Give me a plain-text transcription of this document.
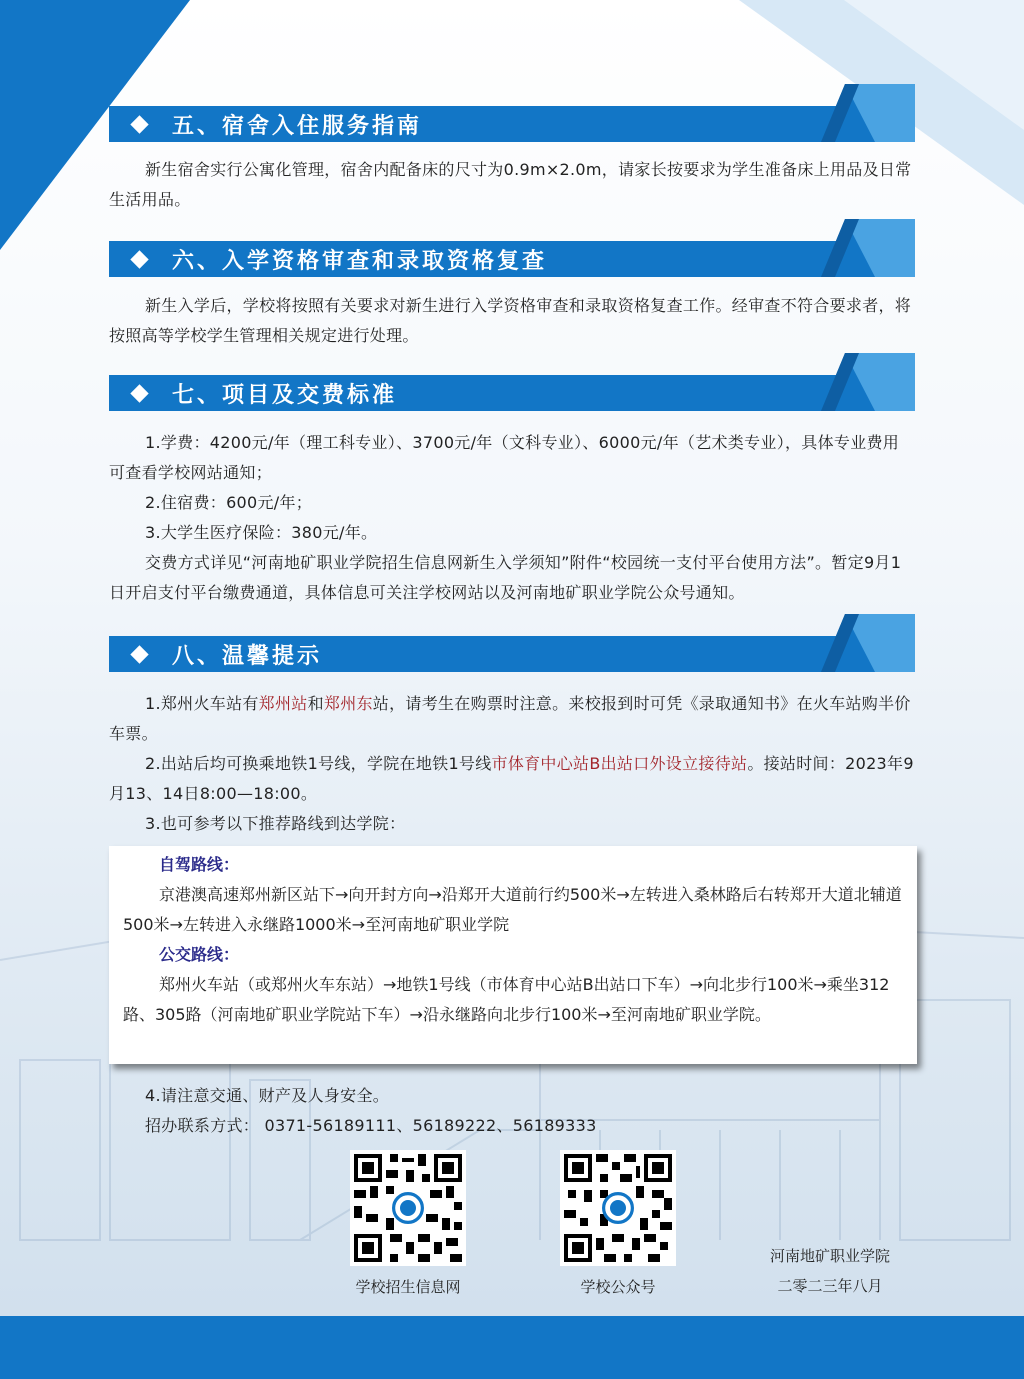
五、宿舍入住服务指南

新生宿舍实行公寓化管理，宿舍内配备床的尺寸为0.9m×2.0m，请家长按要求为学生准备床上用品及日常生活用品。

六、入学资格审查和录取资格复查

新生入学后，学校将按照有关要求对新生进行入学资格审查和录取资格复查工作。经审查不符合要求者，将按照高等学校学生管理相关规定进行处理。

七、项目及交费标准

1.学费：4200元/年（理工科专业）、3700元/年（文科专业）、6000元/年（艺术类专业），具体专业费用可查看学校网站通知；

2.住宿费：600元/年；

3.大学生医疗保险：380元/年。

交费方式详见“河南地矿职业学院招生信息网新生入学须知”附件“校园统一支付平台使用方法”。暂定9月1日开启支付平台缴费通道，具体信息可关注学校网站以及河南地矿职业学院公众号通知。

八、温馨提示

1.郑州火车站有郑州站和郑州东站，请考生在购票时注意。来校报到时可凭《录取通知书》在火车站购半价车票。

2.出站后均可换乘地铁1号线，学院在地铁1号线市体育中心站B出站口外设立接待站。接站时间：2023年9月13、14日8:00—18:00。

3.也可参考以下推荐路线到达学院：

自驾路线：
京港澳高速郑州新区站下→向开封方向→沿郑开大道前行约500米→左转进入桑林路后右转郑开大道北辅道500米→左转进入永继路1000米→至河南地矿职业学院
公交路线：
郑州火车站（或郑州火车东站）→地铁1号线（市体育中心站B出站口下车）→向北步行100米→乘坐312路、305路（河南地矿职业学院站下车）→沿永继路向北步行100米→至河南地矿职业学院。

4.请注意交通、财产及人身安全。

招办联系方式： 0371-56189111、56189222、56189333

学校招生信息网	学校公众号
河南地矿职业学院
二零二三年八月
